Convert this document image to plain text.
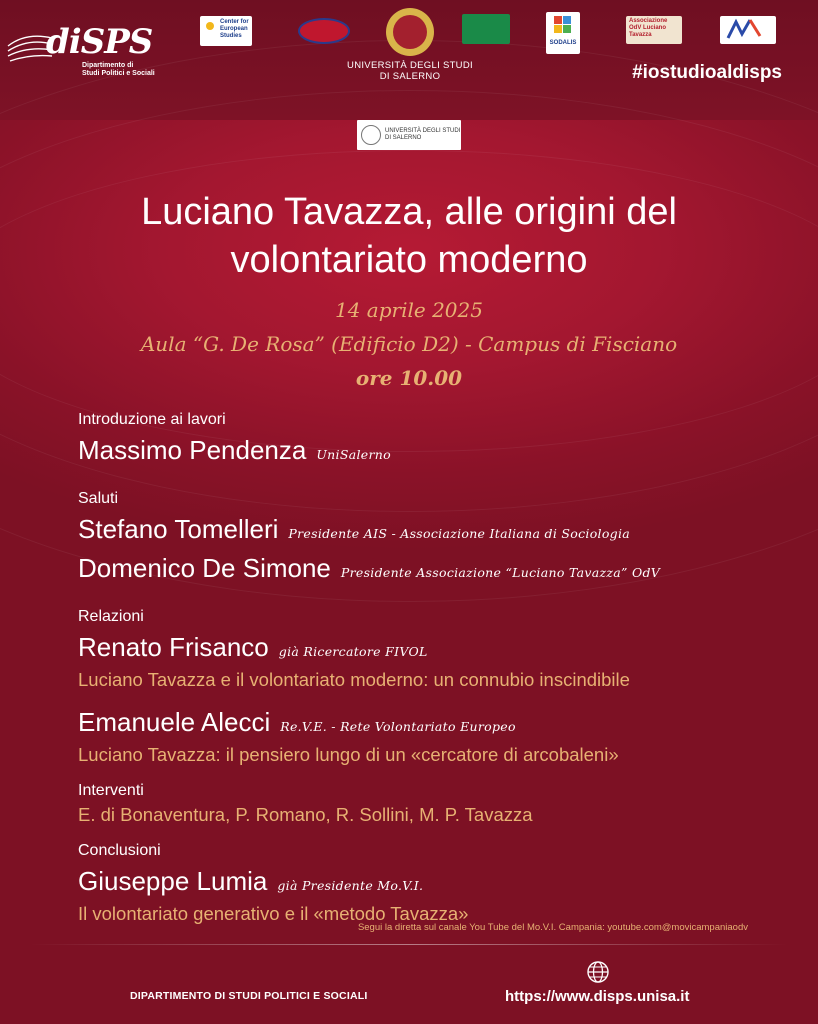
diSPS
Dipartimento di
Studi Politici e Sociali
Center for European Studies
UNIVERSITÀ DEGLI STUDI
DI SALERNO
SODALIS
Associazione OdV Luciano Tavazza
#iostudioaldisps
UNIVERSITÀ DEGLI STUDI DI SALERNO
Luciano Tavazza, alle origini del
volontariato moderno
14 aprile 2025
Aula “G. De Rosa” (Edificio D2) - Campus di Fisciano
ore 10.00
Introduzione ai lavori
Massimo Pendenza UniSalerno
Saluti
Stefano Tomelleri Presidente AIS - Associazione Italiana di Sociologia
Domenico De Simone Presidente Associazione “Luciano Tavazza” OdV
Relazioni
Renato Frisanco già Ricercatore FIVOL
Luciano Tavazza e il volontariato moderno: un connubio inscindibile
Emanuele Alecci Re.V.E. - Rete Volontariato Europeo
Luciano Tavazza: il pensiero lungo di un «cercatore di arcobaleni»
Interventi
E. di Bonaventura, P. Romano, R. Sollini, M. P. Tavazza
Conclusioni
Giuseppe Lumia già Presidente Mo.V.I.
Il volontariato generativo e il «metodo Tavazza»
Segui la diretta sul canale You Tube del Mo.V.I. Campania: youtube.com@movicampaniaodv
DIPARTIMENTO DI STUDI POLITICI E SOCIALI	https://www.disps.unisa.it
